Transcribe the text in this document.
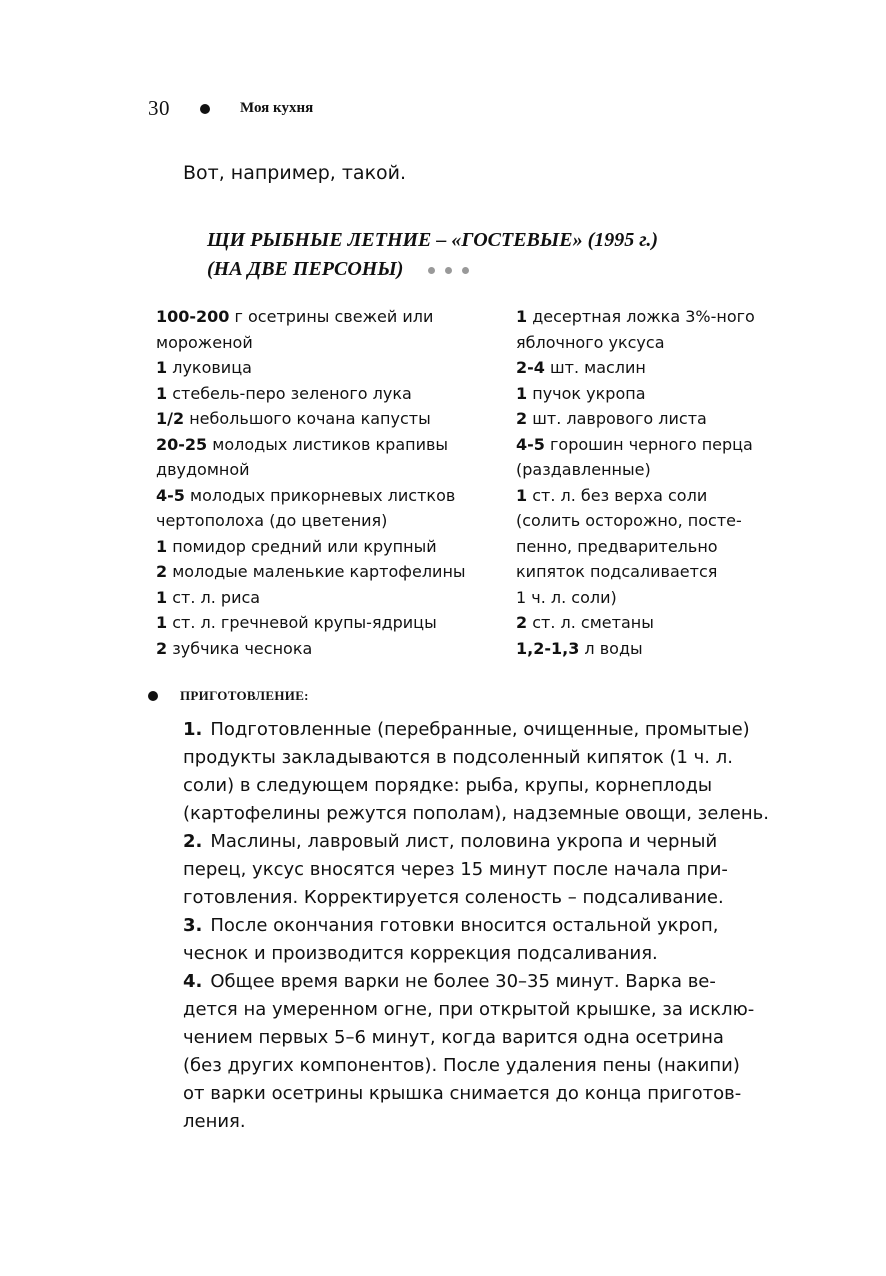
30	Моя кухня
Вот, например, такой.
ЩИ РЫБНЫЕ ЛЕТНИЕ – «ГОСТЕВЫЕ» (1995 г.)
(НА ДВЕ ПЕРСОНЫ)
100-200 г осетрины свежей или
мороженой
1 луковица
1 стебель-перо зеленого лука
1/2 небольшого кочана капусты
20-25 молодых листиков крапивы
двудомной
4-5 молодых прикорневых листков
чертополоха (до цветения)
1 помидор средний или крупный
2 молодые маленькие картофелины
1 ст. л. риса
1 ст. л. гречневой крупы-ядрицы
2 зубчика чеснока
1 десертная ложка 3%-ного
яблочного уксуса
2-4 шт. маслин
1 пучок укропа
2 шт. лаврового листа
4-5 горошин черного перца
(раздавленные)
1 ст. л. без верха соли
(солить осторожно, посте-
пенно, предварительно
кипяток подсаливается
1 ч. л. соли)
2 ст. л. сметаны
1,2-1,3 л воды
ПРИГОТОВЛЕНИЕ:
1. Подготовленные (перебранные, очищенные, промытые)
продукты закладываются в подсоленный кипяток (1 ч. л.
соли) в следующем порядке: рыба, крупы, корнеплоды
(картофелины режутся пополам), надземные овощи, зелень.
2. Маслины, лавровый лист, половина укропа и черный
перец, уксус вносятся через 15 минут после начала при-
готовления. Корректируется соленость – подсаливание.
3. После окончания готовки вносится остальной укроп,
чеснок и производится коррекция подсаливания.
4. Общее время варки не более 30–35 минут. Варка ве-
дется на умеренном огне, при открытой крышке, за исклю-
чением первых 5–6 минут, когда варится одна осетрина
(без других компонентов). После удаления пены (накипи)
от варки осетрины крышка снимается до конца приготов-
ления.
